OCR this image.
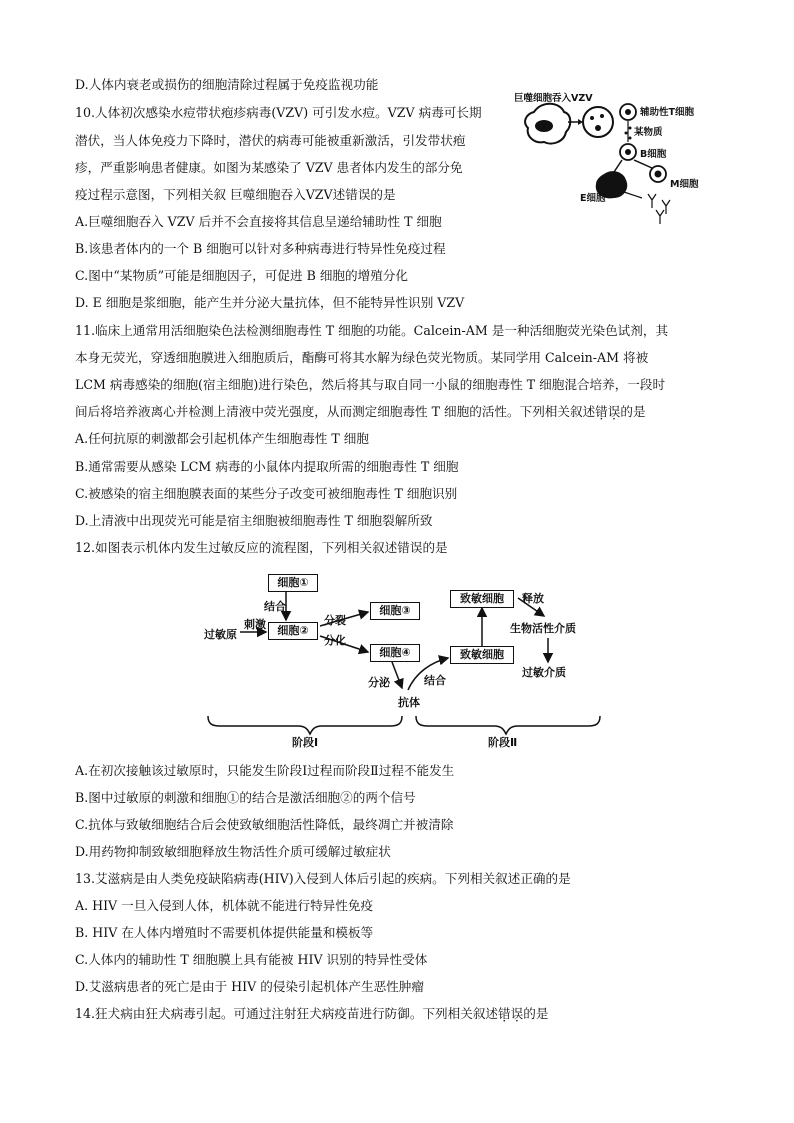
D.人体内衰老或损伤的细胞清除过程属于免疫监视功能
10.人体初次感染水痘带状疱疹病毒(VZV) 可引发水痘。VZV 病毒可长期
潜伏，当人体免疫力下降时，潜伏的病毒可能被重新激活，引发带状疱
疹，严重影响患者健康。如图为某感染了 VZV 患者体内发生的部分免
疫过程示意图，下列相关叙 巨噬细胞吞入VZV述错误的是
巨噬细胞吞入VZV
辅助性T细胞
某物质
B细胞
M细胞
E细胞
A.巨噬细胞吞入 VZV 后并不会直接将其信息呈递给辅助性 T 细胞
B.该患者体内的一个 B 细胞可以针对多种病毒进行特异性免疫过程
C.图中“某物质”可能是细胞因子，可促进 B 细胞的增殖分化
D. E 细胞是浆细胞，能产生并分泌大量抗体，但不能特异性识别 VZV
11.临床上通常用活细胞染色法检测细胞毒性 T 细胞的功能。Calcein-AM 是一种活细胞荧光染色试剂，其
本身无荧光，穿透细胞膜进入细胞质后，酯酶可将其水解为绿色荧光物质。某同学用 Calcein-AM 将被
LCM 病毒感染的细胞(宿主细胞)进行染色，然后将其与取自同一小鼠的细胞毒性 T 细胞混合培养，一段时
间后将培养液离心并检测上清液中荧光强度，从而测定细胞毒性 T 细胞的活性。下列相关叙述错误的是
A.任何抗原的刺激都会引起机体产生细胞毒性 T 细胞
B.通常需要从感染 LCM 病毒的小鼠体内提取所需的细胞毒性 T 细胞
C.被感染的宿主细胞膜表面的某些分子改变可被细胞毒性 T 细胞识别
D.上清液中出现荧光可能是宿主细胞被细胞毒性 T 细胞裂解所致
12.如图表示机体内发生过敏反应的流程图，下列相关叙述错误的是
细胞①
细胞②
细胞③
细胞④
致敏细胞
致敏细胞
过敏原
刺激
结合
分裂
分化
分泌	结合
抗体
释放
生物活性介质
过敏介质
阶段Ⅰ	阶段Ⅱ
A.在初次接触该过敏原时，只能发生阶段Ⅰ过程而阶段Ⅱ过程不能发生
B.图中过敏原的刺激和细胞①的结合是激活细胞②的两个信号
C.抗体与致敏细胞结合后会使致敏细胞活性降低，最终凋亡并被清除
D.用药物抑制致敏细胞释放生物活性介质可缓解过敏症状
13.艾滋病是由人类免疫缺陷病毒(HIV)入侵到人体后引起的疾病。下列相关叙述正确的是
A. HIV 一旦入侵到人体，机体就不能进行特异性免疫
B. HIV 在人体内增殖时不需要机体提供能量和模板等
C.人体内的辅助性 T 细胞膜上具有能被 HIV 识别的特异性受体
D.艾滋病患者的死亡是由于 HIV 的侵染引起机体产生恶性肿瘤
14.狂犬病由狂犬病毒引起。可通过注射狂犬病疫苗进行防御。下列相关叙述错误的是
